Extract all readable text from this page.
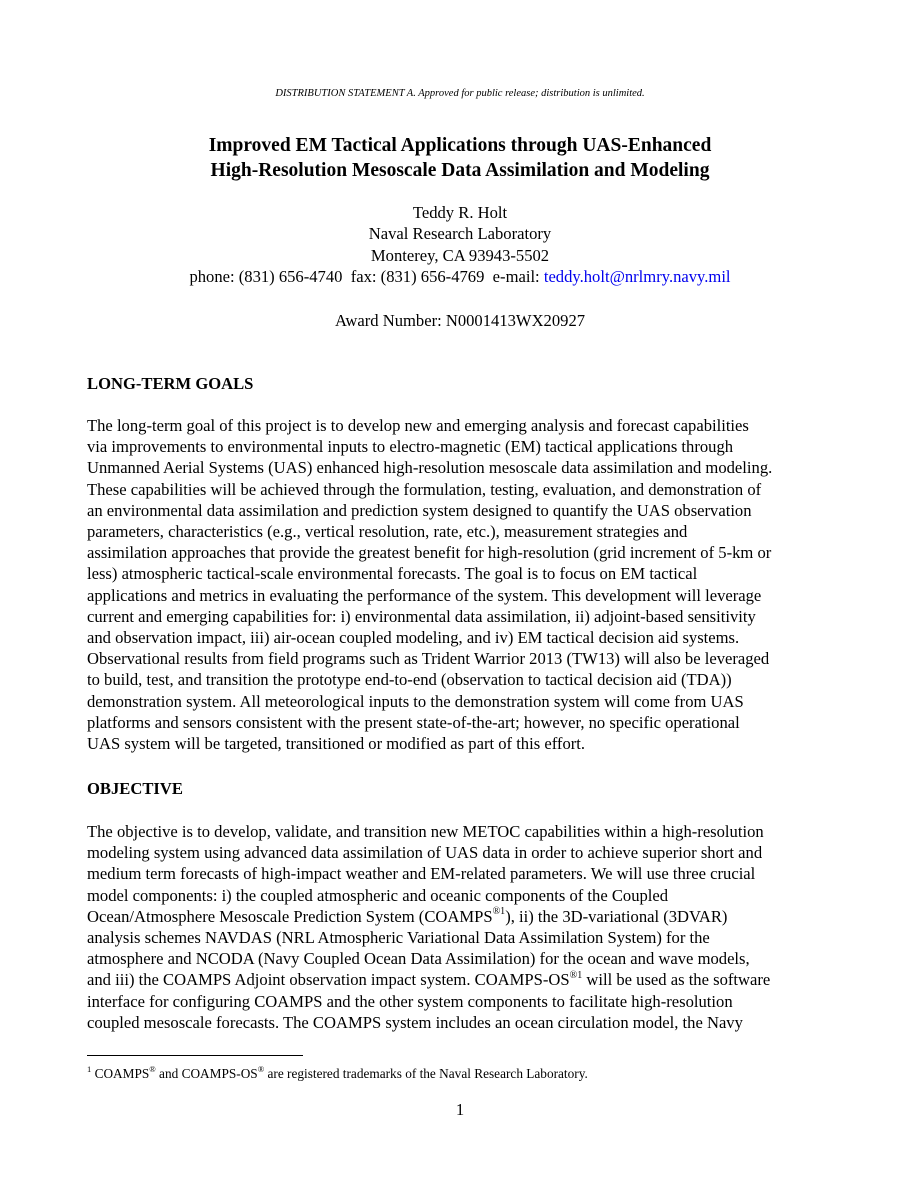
DISTRIBUTION STATEMENT A. Approved for public release; distribution is unlimited.
Improved EM Tactical Applications through UAS-Enhanced
High-Resolution Mesoscale Data Assimilation and Modeling
Teddy R. Holt
Naval Research Laboratory
Monterey, CA 93943-5502
phone: (831) 656-4740  fax: (831) 656-4769  e-mail: teddy.holt@nrlmry.navy.mil
Award Number: N0001413WX20927
LONG-TERM GOALS
The long-term goal of this project is to develop new and emerging analysis and forecast capabilities
via improvements to environmental inputs to electro-magnetic (EM) tactical applications through
Unmanned Aerial Systems (UAS) enhanced high-resolution mesoscale data assimilation and modeling.
These capabilities will be achieved through the formulation, testing, evaluation, and demonstration of
an environmental data assimilation and prediction system designed to quantify the UAS observation
parameters, characteristics (e.g., vertical resolution, rate, etc.), measurement strategies and
assimilation approaches that provide the greatest benefit for high-resolution (grid increment of 5-km or
less) atmospheric tactical-scale environmental forecasts. The goal is to focus on EM tactical
applications and metrics in evaluating the performance of the system. This development will leverage
current and emerging capabilities for: i) environmental data assimilation, ii) adjoint-based sensitivity
and observation impact, iii) air-ocean coupled modeling, and iv) EM tactical decision aid systems.
Observational results from field programs such as Trident Warrior 2013 (TW13) will also be leveraged
to build, test, and transition the prototype end-to-end (observation to tactical decision aid (TDA))
demonstration system. All meteorological inputs to the demonstration system will come from UAS
platforms and sensors consistent with the present state-of-the-art; however, no specific operational
UAS system will be targeted, transitioned or modified as part of this effort.
OBJECTIVE
The objective is to develop, validate, and transition new METOC capabilities within a high-resolution
modeling system using advanced data assimilation of UAS data in order to achieve superior short and
medium term forecasts of high-impact weather and EM-related parameters. We will use three crucial
model components: i) the coupled atmospheric and oceanic components of the Coupled
Ocean/Atmosphere Mesoscale Prediction System $(COAMPS^{®1})$, ii) the 3D-variational (3DVAR)
analysis schemes NAVDAS (NRL Atmospheric Variational Data Assimilation System) for the
atmosphere and NCODA (Navy Coupled Ocean Data Assimilation) for the ocean and wave models,
and iii) the COAMPS Adjoint observation impact system. COAMPS-$OS^{®1}$ will be used as the software
interface for configuring COAMPS and the other system components to facilitate high-resolution
coupled mesoscale forecasts. The COAMPS system includes an ocean circulation model, the Navy
$^1$ COAMPS® and COAMPS-OS® are registered trademarks of the Naval Research Laboratory.
1
